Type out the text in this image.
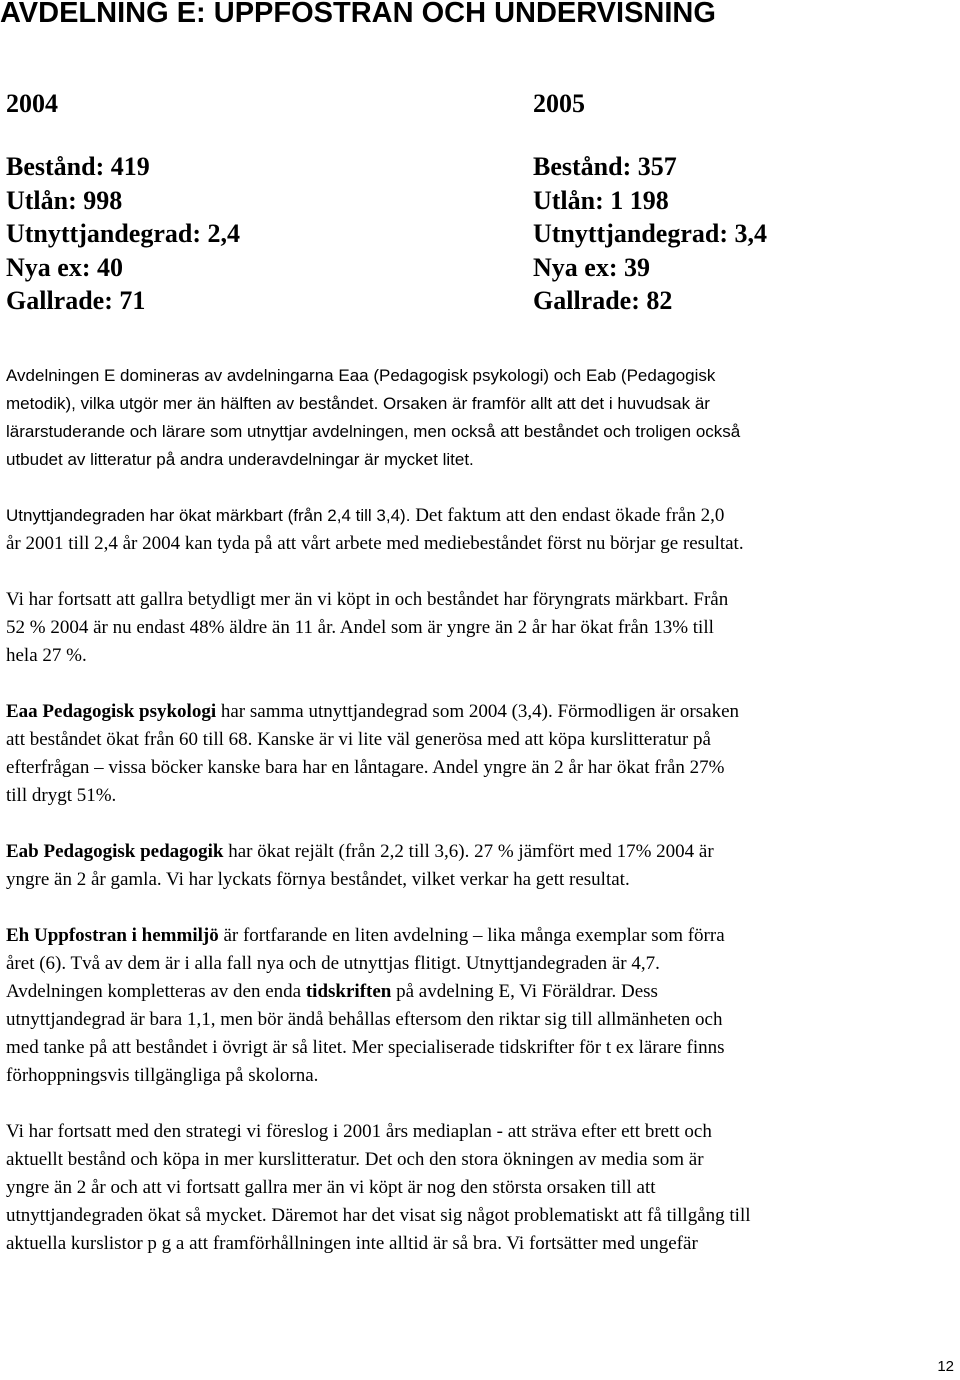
AVDELNING E: UPPFOSTRAN OCH UNDERVISNING
2004
Bestånd: 419
Utlån: 998
Utnyttjandegrad: 2,4
Nya ex: 40
Gallrade: 71
2005
Bestånd: 357
Utlån: 1 198
Utnyttjandegrad: 3,4
Nya ex: 39
Gallrade: 82
Avdelningen E domineras av avdelningarna Eaa (Pedagogisk psykologi) och Eab (Pedagogisk
metodik), vilka utgör mer än hälften av beståndet. Orsaken är framför allt att det i huvudsak är
lärarstuderande och lärare som utnyttjar avdelningen, men också att beståndet och troligen också
utbudet av litteratur på andra underavdelningar är mycket litet.
Utnyttjandegraden har ökat märkbart (från 2,4 till 3,4). Det faktum att den endast ökade från 2,0
år 2001 till 2,4 år 2004 kan tyda på att vårt arbete med mediebeståndet först nu börjar ge resultat.
Vi har fortsatt att gallra betydligt mer än vi köpt in och beståndet har föryngrats märkbart. Från
52 % 2004 är nu endast 48% äldre än 11 år. Andel som är yngre än 2 år har ökat från 13% till
hela 27 %.
Eaa Pedagogisk psykologi har samma utnyttjandegrad som 2004 (3,4). Förmodligen är orsaken
att beståndet ökat från 60 till 68. Kanske är vi lite väl generösa med att köpa kurslitteratur på
efterfrågan – vissa böcker kanske bara har en låntagare. Andel yngre än 2 år har ökat från 27%
till drygt 51%.
Eab Pedagogisk pedagogik har ökat rejält (från 2,2 till 3,6). 27 % jämfört med 17% 2004 är
yngre än 2 år gamla. Vi har lyckats förnya beståndet, vilket verkar ha gett resultat.
Eh Uppfostran i hemmiljö är fortfarande en liten avdelning – lika många exemplar som förra
året (6). Två av dem är i alla fall nya och de utnyttjas flitigt. Utnyttjandegraden är 4,7.
Avdelningen kompletteras av den enda tidskriften på avdelning E, Vi Föräldrar. Dess
utnyttjandegrad är bara 1,1, men bör ändå behållas eftersom den riktar sig till allmänheten och
med tanke på att beståndet i övrigt är så litet. Mer specialiserade tidskrifter för t ex lärare finns
förhoppningsvis tillgängliga på skolorna.
Vi har fortsatt med den strategi vi föreslog i 2001 års mediaplan - att sträva efter ett brett och
aktuellt bestånd och köpa in mer kurslitteratur. Det och den stora ökningen av media som är
yngre än 2 år och att vi fortsatt gallra mer än vi köpt är nog den största orsaken till att
utnyttjandegraden ökat så mycket. Däremot har det visat sig något problematiskt att få tillgång till
aktuella kurslistor p g a att framförhållningen inte alltid är så bra. Vi fortsätter med ungefär
12
